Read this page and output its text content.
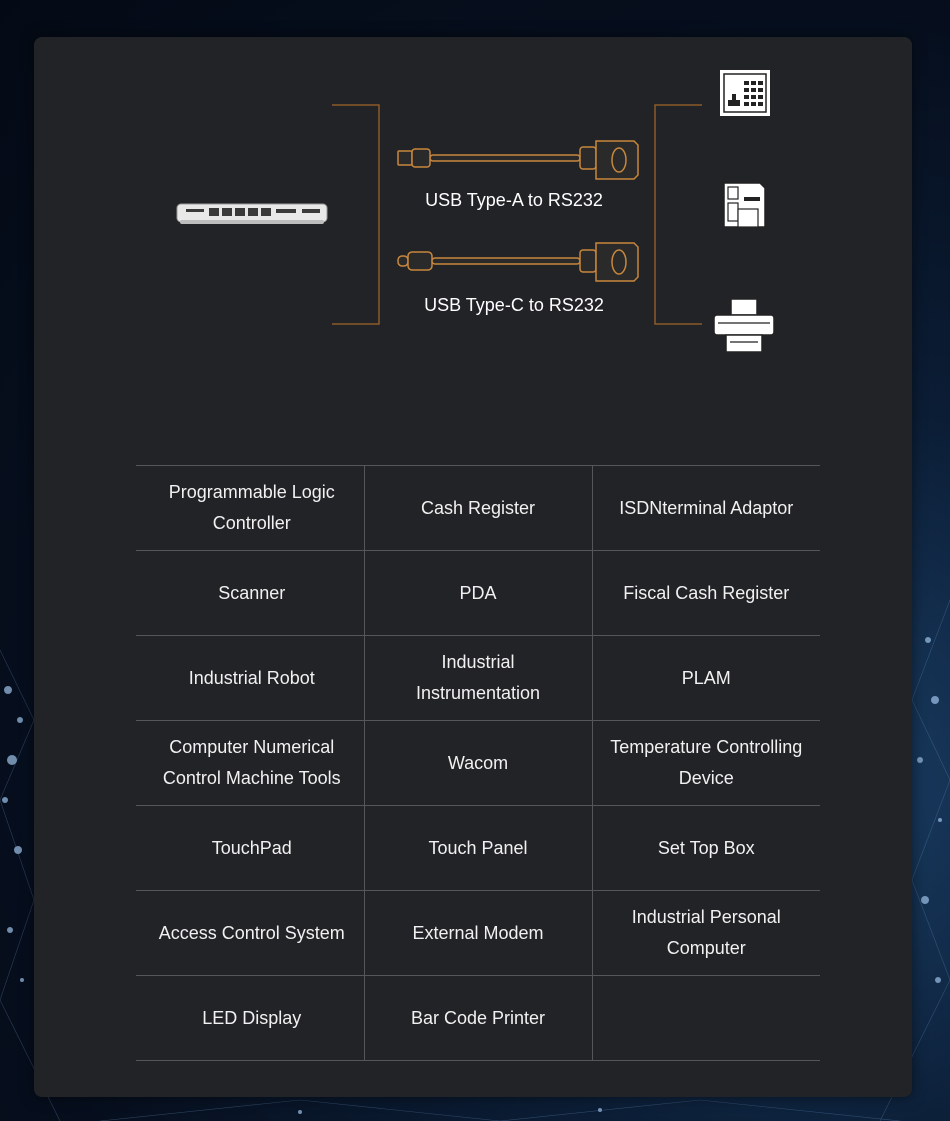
USB Type-A to RS232
USB Type-C to RS232
Programmable Logic Controller	Cash Register	ISDNterminal Adaptor
Scanner	PDA	Fiscal Cash Register
Industrial Robot	Industrial Instrumentation	PLAM
Computer Numerical Control Machine Tools	Wacom	Temperature Controlling Device
TouchPad	Touch Panel	Set Top Box
Access Control System	External Modem	Industrial Personal Computer
LED Display	Bar Code Printer	
